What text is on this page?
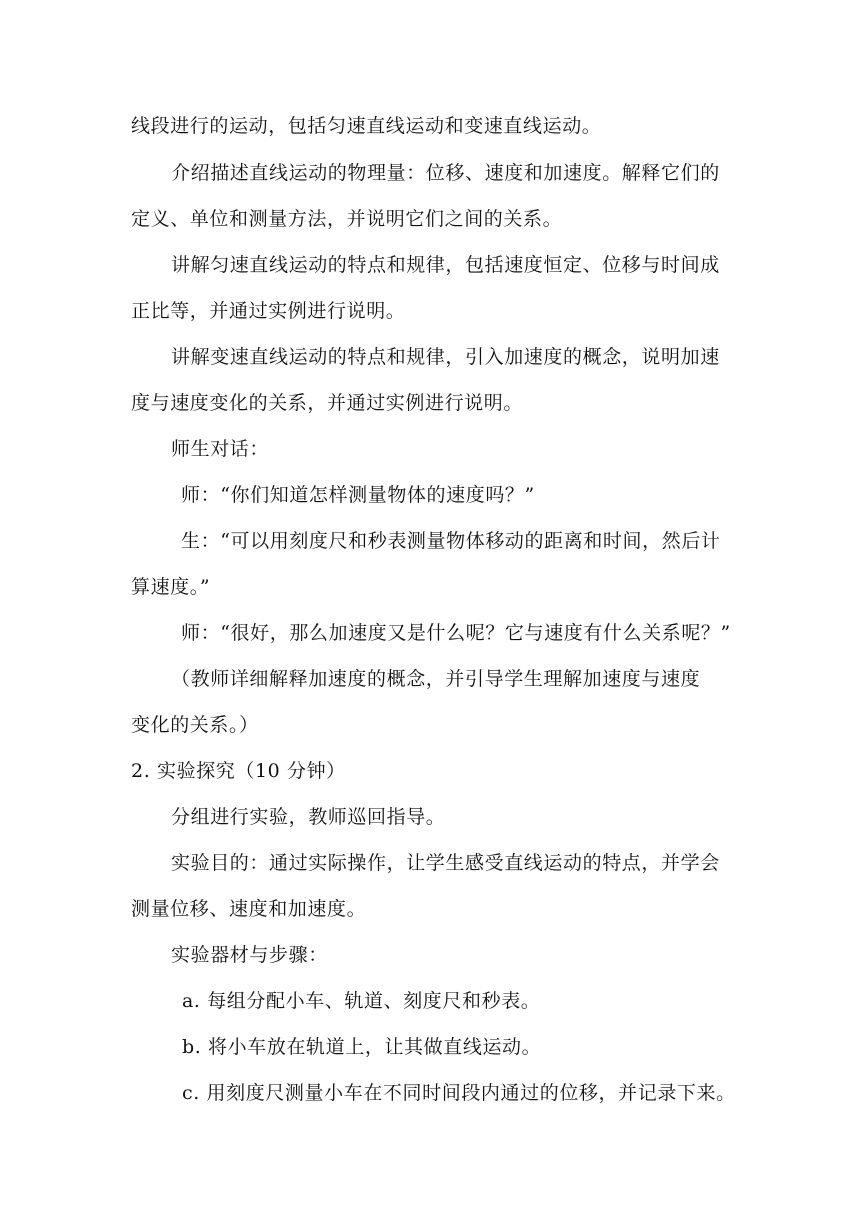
线段进行的运动，包括匀速直线运动和变速直线运动。
介绍描述直线运动的物理量：位移、速度和加速度。解释它们的
定义、单位和测量方法，并说明它们之间的关系。
讲解匀速直线运动的特点和规律，包括速度恒定、位移与时间成
正比等，并通过实例进行说明。
讲解变速直线运动的特点和规律，引入加速度的概念，说明加速
度与速度变化的关系，并通过实例进行说明。
师生对话：
师：“你们知道怎样测量物体的速度吗？”
生：“可以用刻度尺和秒表测量物体移动的距离和时间，然后计
算速度。”
师：“很好，那么加速度又是什么呢？它与速度有什么关系呢？”
（教师详细解释加速度的概念，并引导学生理解加速度与速度
变化的关系。）
2. 实验探究（10 分钟）
分组进行实验，教师巡回指导。
实验目的：通过实际操作，让学生感受直线运动的特点，并学会
测量位移、速度和加速度。
实验器材与步骤：
a. 每组分配小车、轨道、刻度尺和秒表。
b. 将小车放在轨道上，让其做直线运动。
c. 用刻度尺测量小车在不同时间段内通过的位移，并记录下来。
